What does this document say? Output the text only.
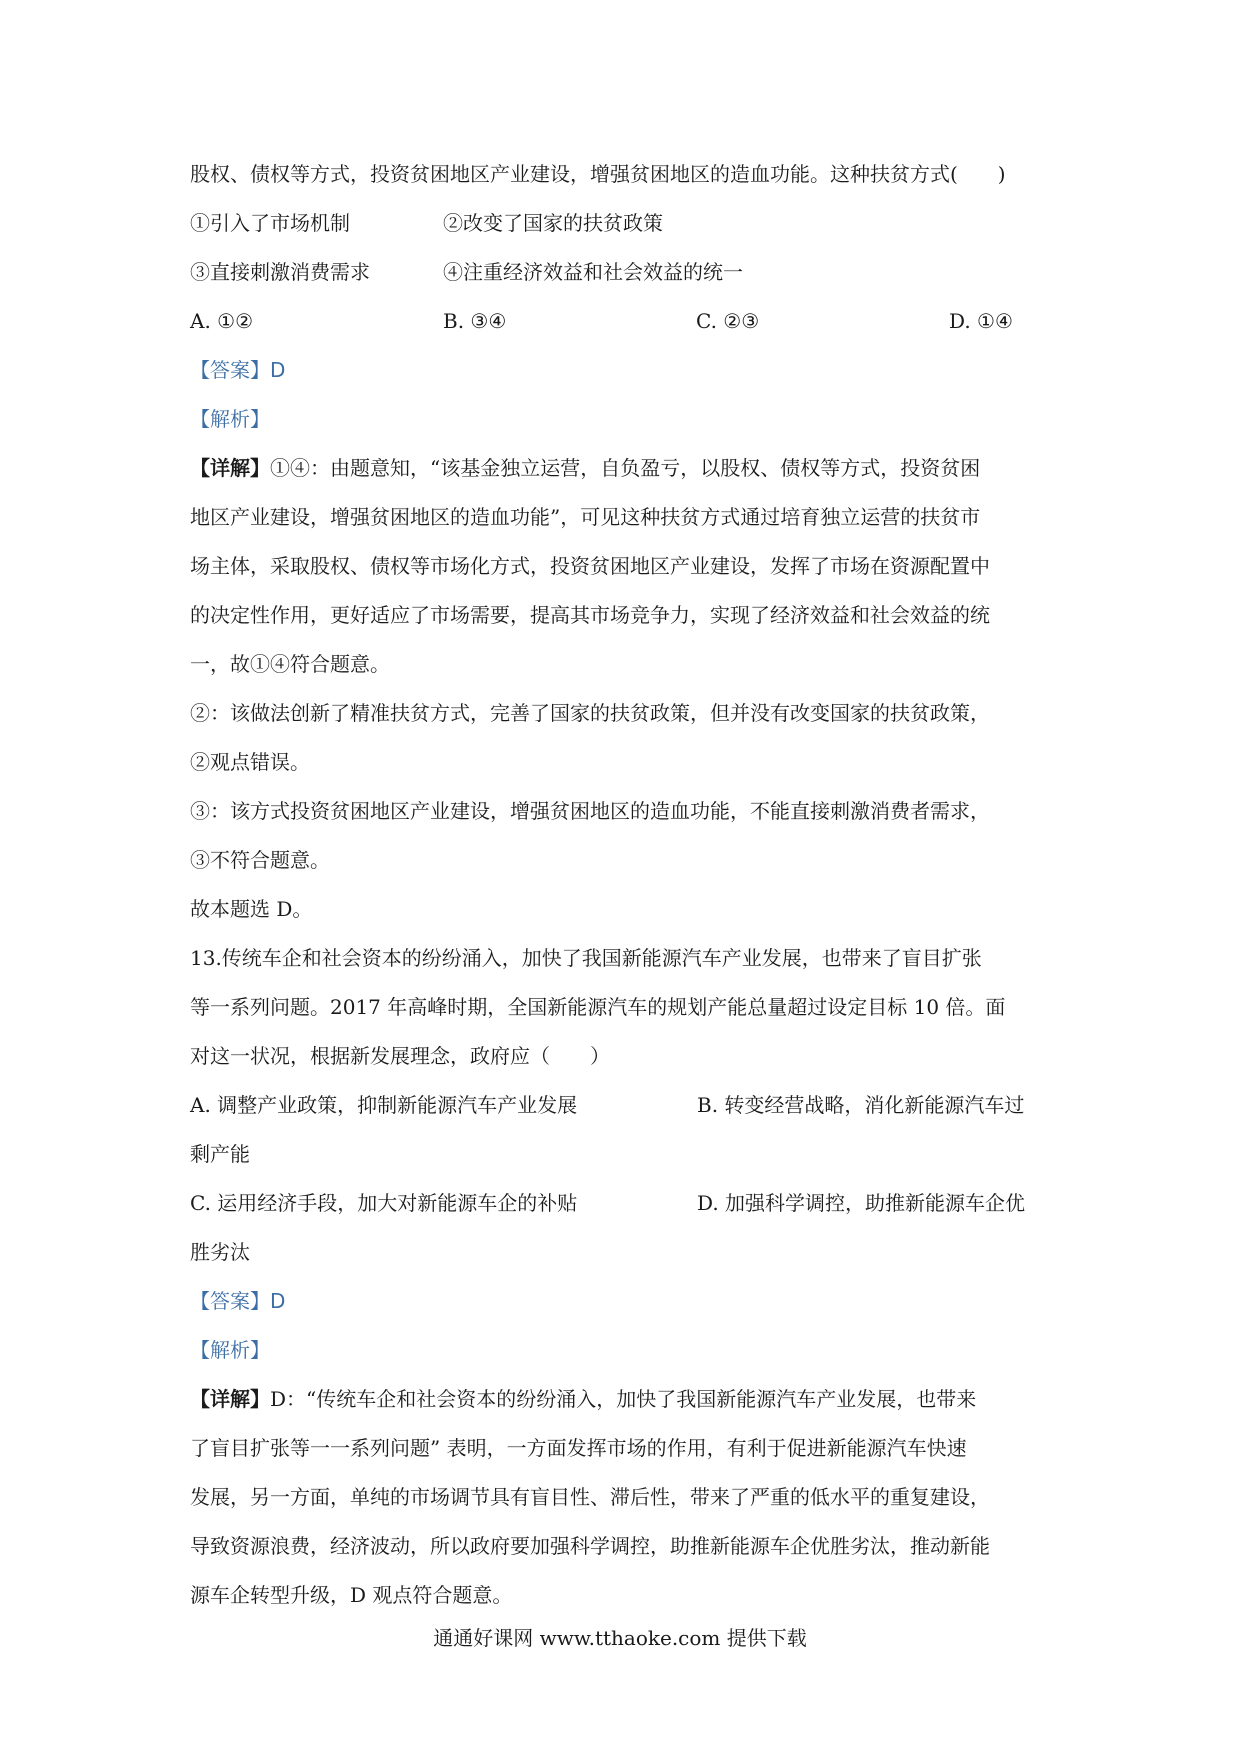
股权、债权等方式，投资贫困地区产业建设，增强贫困地区的造血功能。这种扶贫方式(　　)
①引入了市场机制	②改变了国家的扶贫政策
③直接刺激消费需求	④注重经济效益和社会效益的统一
A. ①②	B. ③④	C. ②③	D. ①④
【答案】D
【解析】
【详解】①④：由题意知，“该基金独立运营，自负盈亏，以股权、债权等方式，投资贫困
地区产业建设，增强贫困地区的造血功能”，可见这种扶贫方式通过培育独立运营的扶贫市
场主体，采取股权、债权等市场化方式，投资贫困地区产业建设，发挥了市场在资源配置中
的决定性作用，更好适应了市场需要，提高其市场竞争力，实现了经济效益和社会效益的统
一，故①④符合题意。
②：该做法创新了精准扶贫方式，完善了国家的扶贫政策，但并没有改变国家的扶贫政策，
②观点错误。
③：该方式投资贫困地区产业建设，增强贫困地区的造血功能，不能直接刺激消费者需求，
③不符合题意。
故本题选 D。
13.传统车企和社会资本的纷纷涌入，加快了我国新能源汽车产业发展，也带来了盲目扩张
等一系列问题。2017 年高峰时期，全国新能源汽车的规划产能总量超过设定目标 10 倍。面
对这一状况，根据新发展理念，政府应（　　）
A. 调整产业政策，抑制新能源汽车产业发展	B. 转变经营战略，消化新能源汽车过
剩产能
C. 运用经济手段，加大对新能源车企的补贴	D. 加强科学调控，助推新能源车企优
胜劣汰
【答案】D
【解析】
【详解】D：“传统车企和社会资本的纷纷涌入，加快了我国新能源汽车产业发展，也带来
了盲目扩张等一一系列问题” 表明，一方面发挥市场的作用，有利于促进新能源汽车快速
发展，另一方面，单纯的市场调节具有盲目性、滞后性，带来了严重的低水平的重复建设，
导致资源浪费，经济波动，所以政府要加强科学调控，助推新能源车企优胜劣汰，推动新能
源车企转型升级，D 观点符合题意。
通通好课网 www.tthaoke.com 提供下载
